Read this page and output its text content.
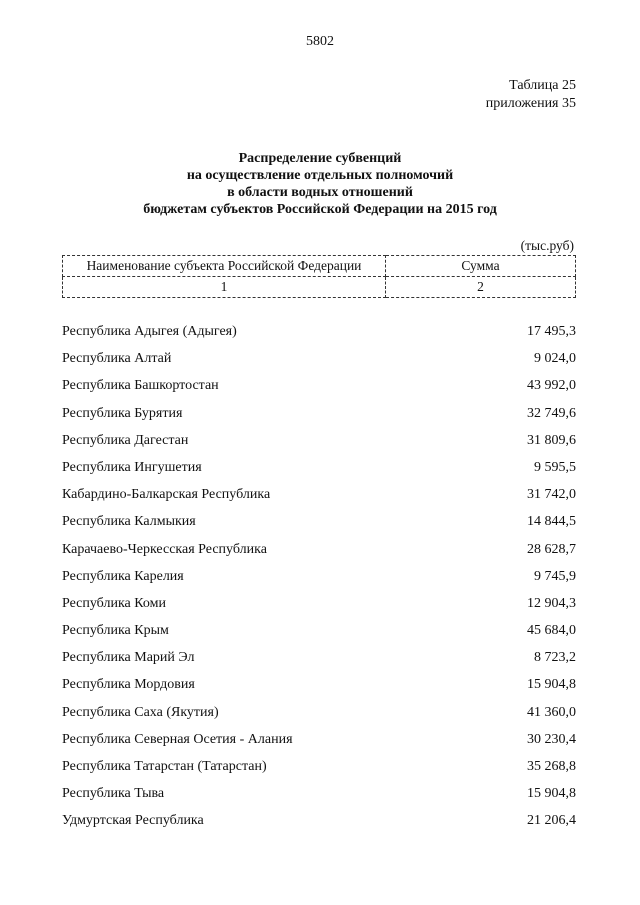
5802
Таблица 25
приложения 35
Распределение субвенций
на осуществление отдельных полномочий
в области водных отношений
бюджетам субъектов Российской Федерации на 2015 год
(тыс.руб)
Наименование субъекта Российской Федерации	Сумма
1	2
Республика Адыгея (Адыгея)	17 495,3
Республика Алтай	9 024,0
Республика Башкортостан	43 992,0
Республика Бурятия	32 749,6
Республика Дагестан	31 809,6
Республика Ингушетия	9 595,5
Кабардино-Балкарская Республика	31 742,0
Республика Калмыкия	14 844,5
Карачаево-Черкесская Республика	28 628,7
Республика Карелия	9 745,9
Республика Коми	12 904,3
Республика Крым	45 684,0
Республика Марий Эл	8 723,2
Республика Мордовия	15 904,8
Республика Саха (Якутия)	41 360,0
Республика Северная Осетия - Алания	30 230,4
Республика Татарстан (Татарстан)	35 268,8
Республика Тыва	15 904,8
Удмуртская Республика	21 206,4
